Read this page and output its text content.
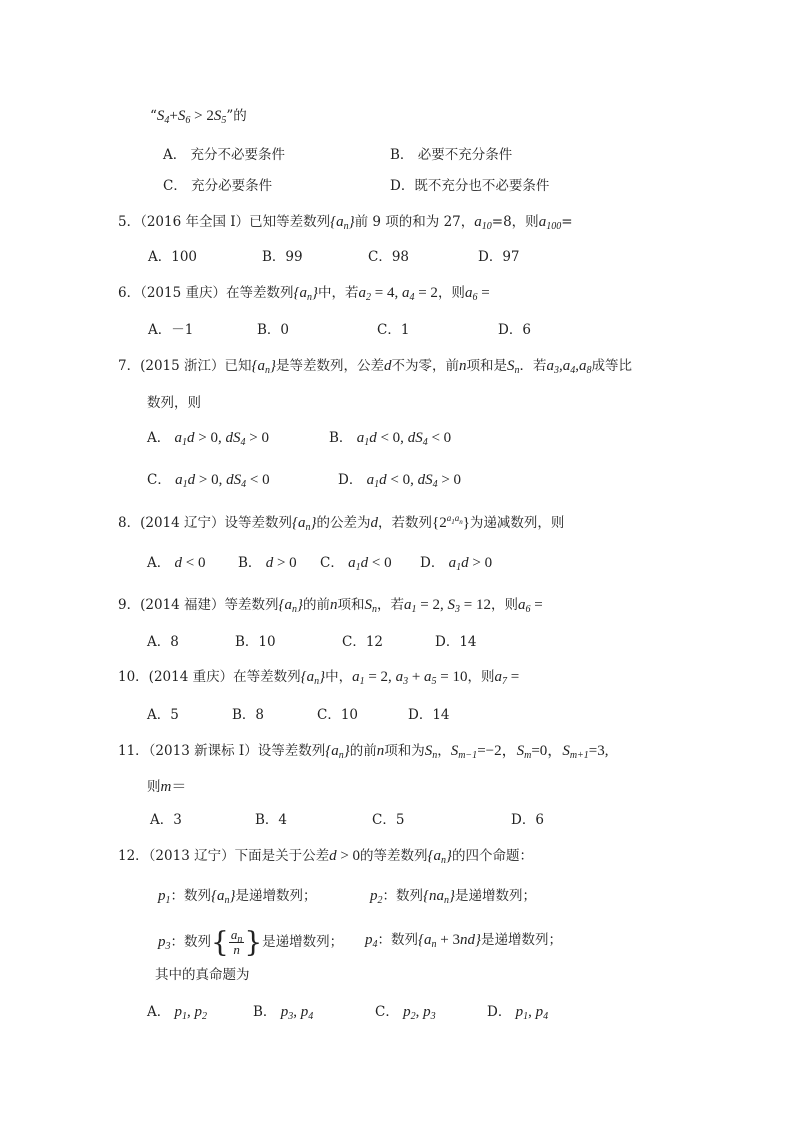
“$S_4+S_6 > 2S_5$”的
A． 充分不必要条件	B． 必要不充分条件
C． 充分必要条件	D．既不充分也不必要条件
5．（2016 年全国 I）已知等差数列$\{a_n\}$前 9 项的和为 27，$a_{10}=8$，则$a_{100}=$
A．100	B．99	C．98	D．97
6．（2015 重庆）在等差数列$\{a_n\}$中，若$a_2 = 4$, $a_4 = 2$，则$a_6$ =
A．－1	B．0	C．1	D．6
7．(2015 浙江）已知$\{a_n\}$是等差数列，公差d不为零，前n项和是$S_n$．若$a_3,a_4,a_8$成等比
数列，则
A． $a_1d > 0$, $dS_4 > 0$	B． $a_1d < 0$, $dS_4 < 0$
C． $a_1d > 0$, $dS_4 < 0$	D． $a_1d < 0$, $dS_4 > 0$
8．(2014 辽宁）设等差数列$\{a_n\}$的公差为d，若数列$\{2^{a_1a_n}\}$为递减数列，则
A． d < 0 B． d > 0 C． $a_1d < 0$ D． $a_1d > 0$
9．(2014 福建）等差数列$\{a_n\}$的前n项和$S_n$，若$a_1 = 2$, $S_3 = 12$，则$a_6$ =
A．8	B．10	C．12	D．14
10．(2014 重庆）在等差数列$\{a_n\}$中，$a_1 = 2$, $a_3 + a_5 = 10$，则$a_7$ =
A．5	B．8	C．10	D．14
11．（2013 新课标 I）设等差数列$\{a_n\}$的前n项和为$S_n$，$S_{m-1}=-2$，$S_m=0$，$S_{m+1}=3$,
则m＝
A．3	B．4	C．5	D．6
12．（2013 辽宁）下面是关于公差d > 0的等差数列$\{a_n\}$的四个命题：
$p_1$：数列$\{a_n\}$是递增数列；	$p_2$：数列$\{na_n\}$是递增数列；
$p_3$：数列{ $\frac{a_n}{n}$ }是递增数列； $p_4$：数列$\{a_n + 3nd\}$是递增数列；
其中的真命题为
A． $p_1$, $p_2$	B． $p_3$, $p_4$	C． $p_2$, $p_3$	D． $p_1$, $p_4$
